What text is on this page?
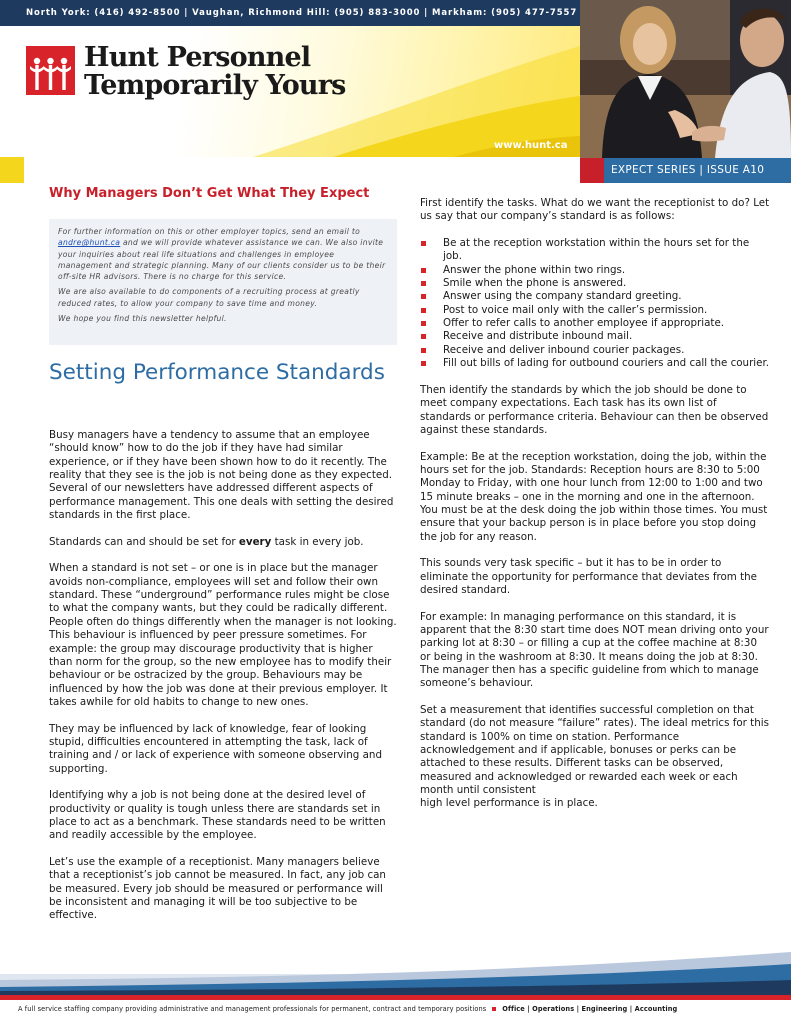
North York: (416) 492-8500 | Vaughan, Richmond Hill: (905) 883-3000 | Markham: (905) 477-7557
Hunt Personnel
Temporarily Yours
www.hunt.ca
EXPECT SERIES | ISSUE A10
Why Managers Don’t Get What They Expect

For further information on this or other employer topics, send an email to andre@hunt.ca and we will provide whatever assistance we can. We also invite your inquiries about real life situations and challenges in employee management and strategic planning. Many of our clients consider us to be their off-site HR advisors. There is no charge for this service.

We are also available to do components of a recruiting process at greatly reduced rates, to allow your company to save time and money.

We hope you find this newsletter helpful.

Setting Performance Standards

Busy managers have a tendency to assume that an employee “should know” how to do the job if they have had similar experience, or if they have been shown how to do it recently. The reality that they see is the job is not being done as they expected. Several of our newsletters have addressed different aspects of performance management. This one deals with setting the desired standards in the first place.

Standards can and should be set for every task in every job.

When a standard is not set – or one is in place but the manager avoids non-compliance, employees will set and follow their own standard. These “underground” performance rules might be close to what the company wants, but they could be radically different. People often do things differently when the manager is not looking.

This behaviour is influenced by peer pressure sometimes. For example: the group may discourage productivity that is higher than norm for the group, so the new employee has to modify their behaviour or be ostracized by the group. Behaviours may be influenced by how the job was done at their previous employer. It takes awhile for old habits to change to new ones.

They may be influenced by lack of knowledge, fear of looking stupid, difficulties encountered in attempting the task, lack of training and / or lack of experience with someone observing and supporting.

Identifying why a job is not being done at the desired level of productivity or quality is tough unless there are standards set in place to act as a benchmark. These standards need to be written and readily accessible by the employee.

Let’s use the example of a receptionist. Many managers believe that a receptionist’s job cannot be measured. In fact, any job can be measured. Every job should be measured or performance will be inconsistent and managing it will be too subjective to be effective.

First identify the tasks. What do we want the receptionist to do? Let us say that our company’s standard is as follows:

Be at the reception workstation within the hours set for the job.
Answer the phone within two rings.
Smile when the phone is answered.
Answer using the company standard greeting.
Post to voice mail only with the caller’s permission.
Offer to refer calls to another employee if appropriate.
Receive and distribute inbound mail.
Receive and deliver inbound courier packages.
Fill out bills of lading for outbound couriers and call the courier.

Then identify the standards by which the job should be done to meet company expectations. Each task has its own list of standards or performance criteria. Behaviour can then be observed against these standards.

Example: Be at the reception workstation, doing the job, within the hours set for the job. Standards: Reception hours are 8:30 to 5:00 Monday to Friday, with one hour lunch from 12:00 to 1:00 and two 15 minute breaks – one in the morning and one in the afternoon. You must be at the desk doing the job within those times. You must ensure that your backup person is in place before you stop doing the job for any reason.

This sounds very task specific – but it has to be in order to eliminate the opportunity for performance that deviates from the desired standard.

For example: In managing performance on this standard, it is apparent that the 8:30 start time does NOT mean driving onto your parking lot at 8:30 – or filling a cup at the coffee machine at 8:30 or being in the washroom at 8:30. It means doing the job at 8:30. The manager then has a specific guideline from which to manage someone’s behaviour.

Set a measurement that identifies successful completion on that standard (do not measure “failure” rates). The ideal metrics for this standard is 100% on time on station. Performance acknowledgement and if applicable, bonuses or perks can be attached to these results. Different tasks can be observed, measured and acknowledged or rewarded each week or each month until consistent
high level performance is in place.

A full service staffing company providing administrative and management professionals for permanent, contract and temporary positions Office | Operations | Engineering | Accounting
